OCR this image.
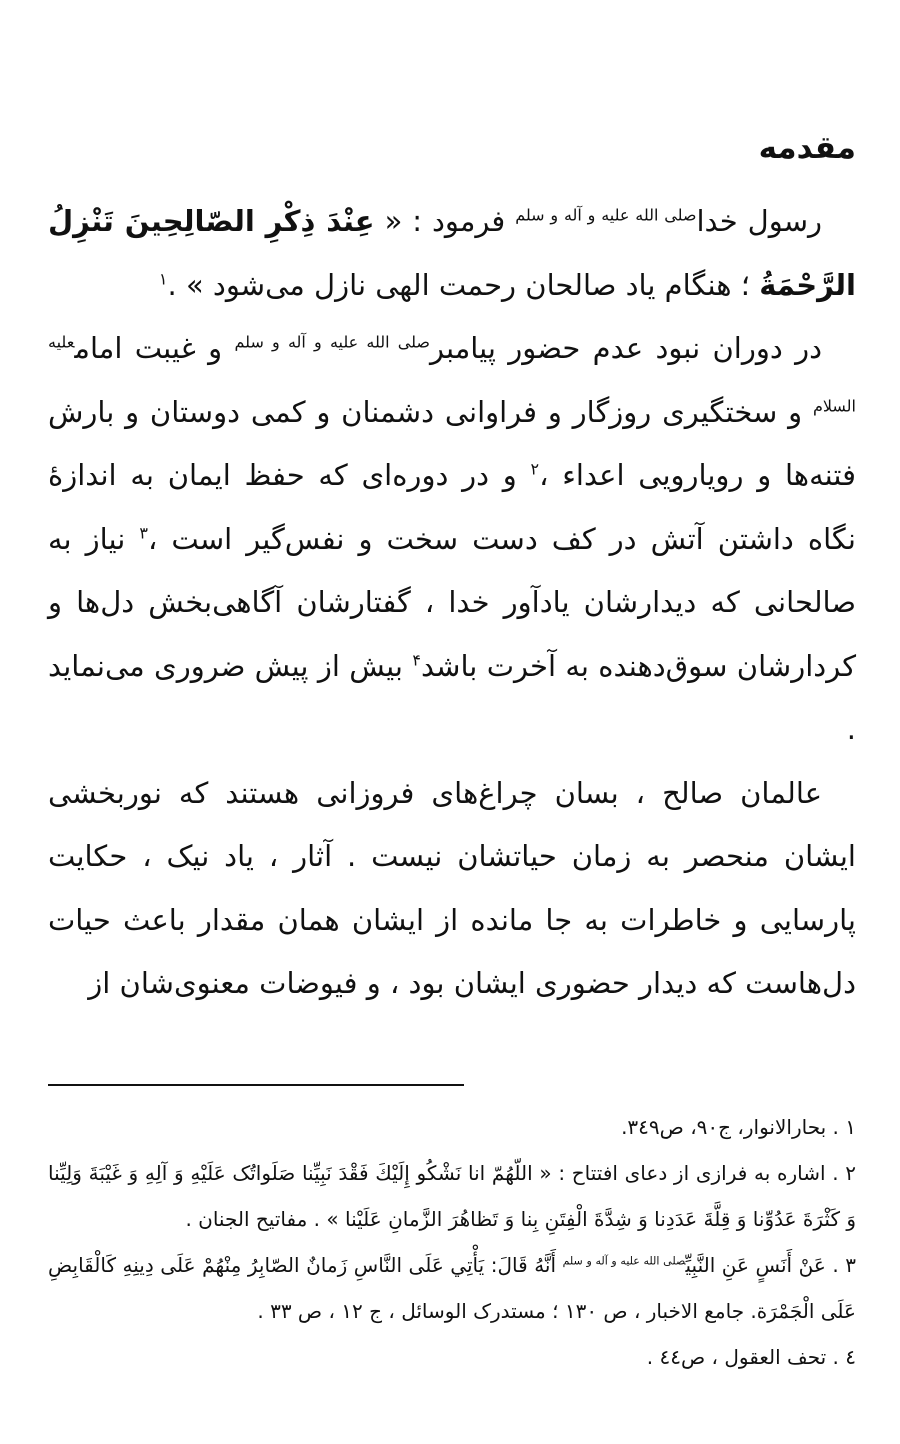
مقدمه

رسول خدا$^{صلى الله عليه و آله و سلم}$ فرمود : « عِنْدَ ذِكْرِ الصّالِحِينَ تَنْزِلُ الرَّحْمَةُ ؛ هنگام یاد صالحان رحمت الهی نازل می‌شود » .$^۱$

در دوران نبود عدم حضور پیامبر$^{صلى الله عليه و آله و سلم}$ و غیبت امام$^{عليه السلام}$ و سختگیری روزگار و فراوانی دشمنان و کمی دوستان و بارش فتنه‌ها و رویارویی اعداء ،$^۲$ و در دوره‌ای که حفظ ایمان به اندازۀ نگاه داشتن آتش در کف دست سخت و نفس‌گیر است ،$^۳$ نیاز به صالحانی که دیدارشان یادآور خدا ، گفتارشان آگاهی‌بخش دل‌ها و کردارشان سوق‌دهنده به آخرت باشد$^۴$ بیش از پیش ضروری می‌نماید .

عالمان صالح ، بسان چراغ‌های فروزانی هستند که نوربخشی ایشان منحصر به زمان حیاتشان نیست . آثار ، یاد نیک ، حکایت پارسایی و خاطرات به جا مانده از ایشان همان مقدار باعث حیات دل‌هاست که دیدار حضوری ایشان بود ، و فیوضات معنوی‌شان از

۱ . بحارالانوار، ج۹۰، ص۳٤۹.

۲ . اشاره به فرازی از دعای افتتاح : « اللّهُمّ انا نَشْكُو إِلَيْكَ فَقْدَ نَبِيِّنا صَلَواتُک عَلَيْهِ وَ آلِهِ وَ غَيْبَةَ وَلِيِّنا وَ كَثْرَةَ عَدُوِّنا وَ قِلَّةَ عَدَدِنا وَ شِدَّةَ الْفِتَنِ بِنا وَ تَظاهُرَ الزَّمانِ عَلَيْنا » . مفاتیح الجنان .

۳ . عَنْ أَنَسٍ عَنِ النَّبِيِّ$^{صلى الله عليه و آله و سلم}$ أَنَّهُ قَالَ: يَأْتِي عَلَى النَّاسِ زَمانٌ الصّابِرُ مِنْهُمْ عَلَى دِينِهِ كَالْقَابِضِ عَلَى الْجَمْرَة. جامع الاخبار ، ص ۱۳۰ ؛ مستدرک الوسائل ، ج ۱۲ ، ص ۳۳ .

٤ . تحف العقول ، ص٤٤ .
